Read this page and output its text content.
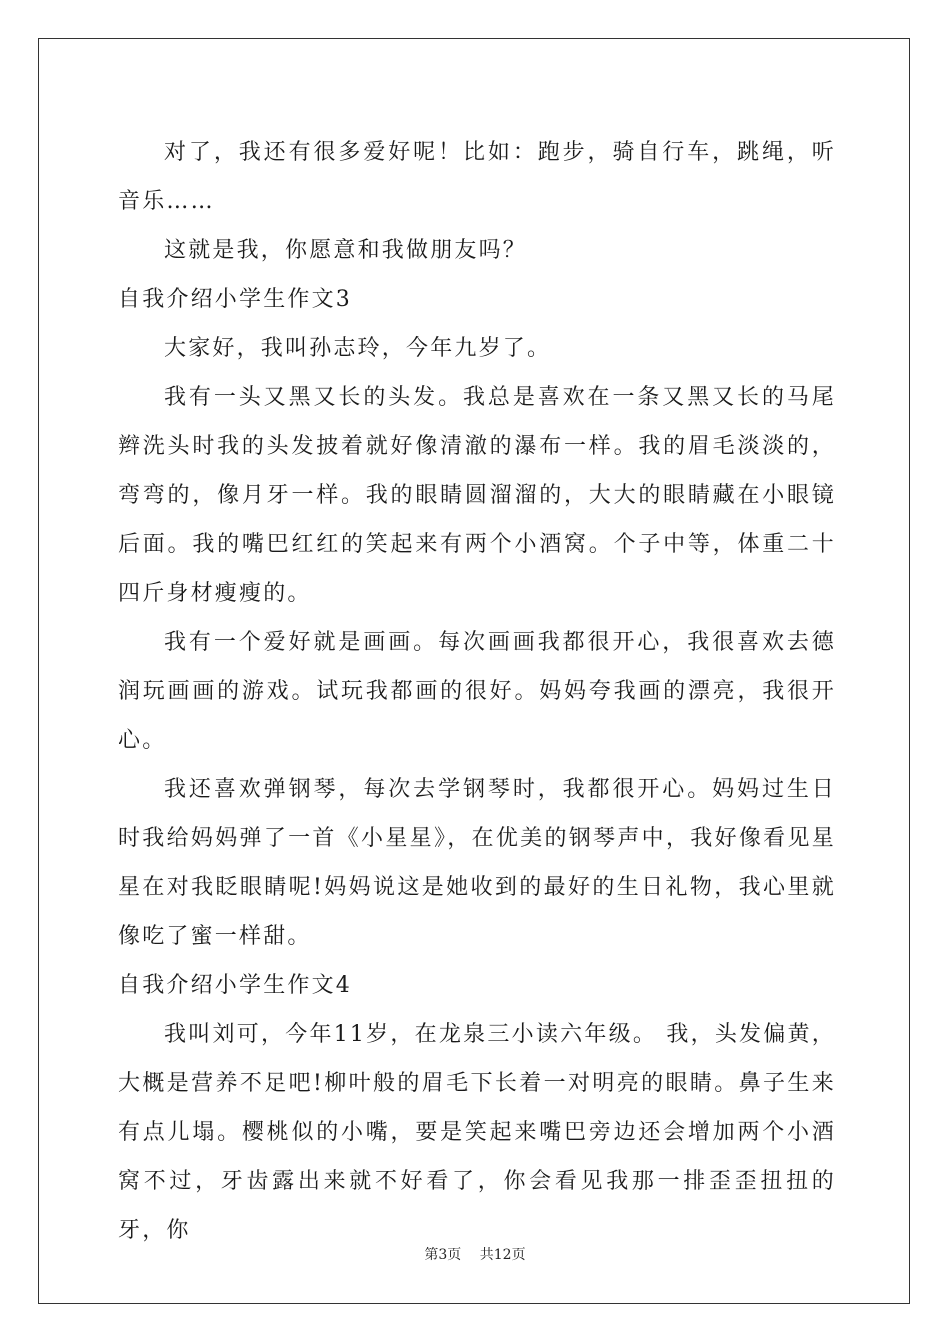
对了，我还有很多爱好呢！比如：跑步，骑自行车，跳绳，听音乐……

这就是我，你愿意和我做朋友吗？

自我介绍小学生作文3

大家好，我叫孙志玲，今年九岁了。

我有一头又黑又长的头发。我总是喜欢在一条又黑又长的马尾辫洗头时我的头发披着就好像清澈的瀑布一样。我的眉毛淡淡的，弯弯的，像月牙一样。我的眼睛圆溜溜的，大大的眼睛藏在小眼镜后面。我的嘴巴红红的笑起来有两个小酒窝。个子中等，体重二十四斤身材瘦瘦的。

我有一个爱好就是画画。每次画画我都很开心，我很喜欢去德润玩画画的游戏。试玩我都画的很好。妈妈夸我画的漂亮，我很开心。

我还喜欢弹钢琴，每次去学钢琴时，我都很开心。妈妈过生日时我给妈妈弹了一首《小星星》，在优美的钢琴声中，我好像看见星星在对我眨眼睛呢!妈妈说这是她收到的最好的生日礼物，我心里就像吃了蜜一样甜。

自我介绍小学生作文4

我叫刘可，今年11岁，在龙泉三小读六年级。 我，头发偏黄，大概是营养不足吧!柳叶般的眉毛下长着一对明亮的眼睛。鼻子生来有点儿塌。樱桃似的小嘴，要是笑起来嘴巴旁边还会增加两个小酒窝不过，牙齿露出来就不好看了，你会看见我那一排歪歪扭扭的牙，你

第3页 共12页
